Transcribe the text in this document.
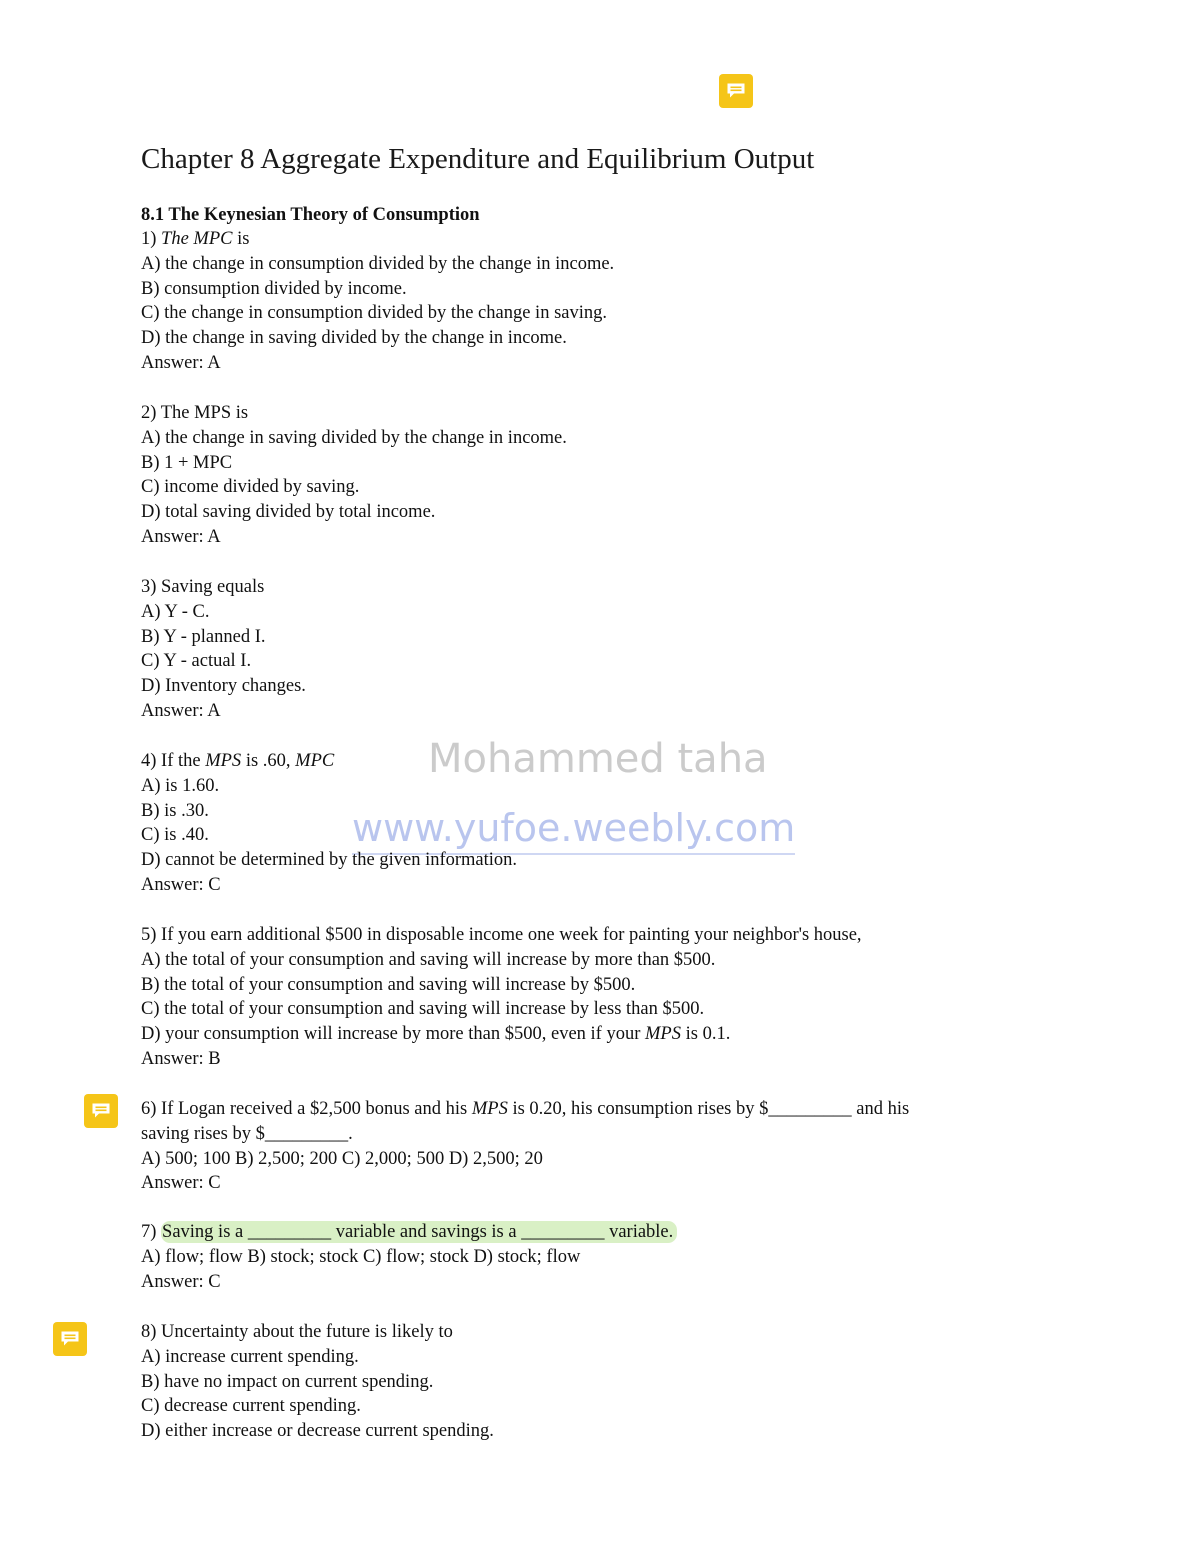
Chapter 8 Aggregate Expenditure and Equilibrium Output
8.1 The Keynesian Theory of Consumption
Mohammed taha
www.yufoe.weebly.com
1) The MPC is
A) the change in consumption divided by the change in income.
B) consumption divided by income.
C) the change in consumption divided by the change in saving.
D) the change in saving divided by the change in income.
Answer: A
2) The MPS is
A) the change in saving divided by the change in income.
B) 1 + MPC
C) income divided by saving.
D) total saving divided by total income.
Answer: A
3) Saving equals
A) Y - C.
B) Y - planned I.
C) Y - actual I.
D) Inventory changes.
Answer: A
4) If the MPS is .60, MPC
A) is 1.60.
B) is .30.
C) is .40.
D) cannot be determined by the given information.
Answer: C
5) If you earn additional $500 in disposable income one week for painting your neighbor's house,
A) the total of your consumption and saving will increase by more than $500.
B) the total of your consumption and saving will increase by $500.
C) the total of your consumption and saving will increase by less than $500.
D) your consumption will increase by more than $500, even if your MPS is 0.1.
Answer: B
6) If Logan received a $2,500 bonus and his MPS is 0.20, his consumption rises by $_________ and his
saving rises by $_________.
A) 500; 100 B) 2,500; 200 C) 2,000; 500 D) 2,500; 20
Answer: C
7) Saving is a _________ variable and savings is a _________ variable.
A) flow; flow B) stock; stock C) flow; stock D) stock; flow
Answer: C
8) Uncertainty about the future is likely to
A) increase current spending.
B) have no impact on current spending.
C) decrease current spending.
D) either increase or decrease current spending.
